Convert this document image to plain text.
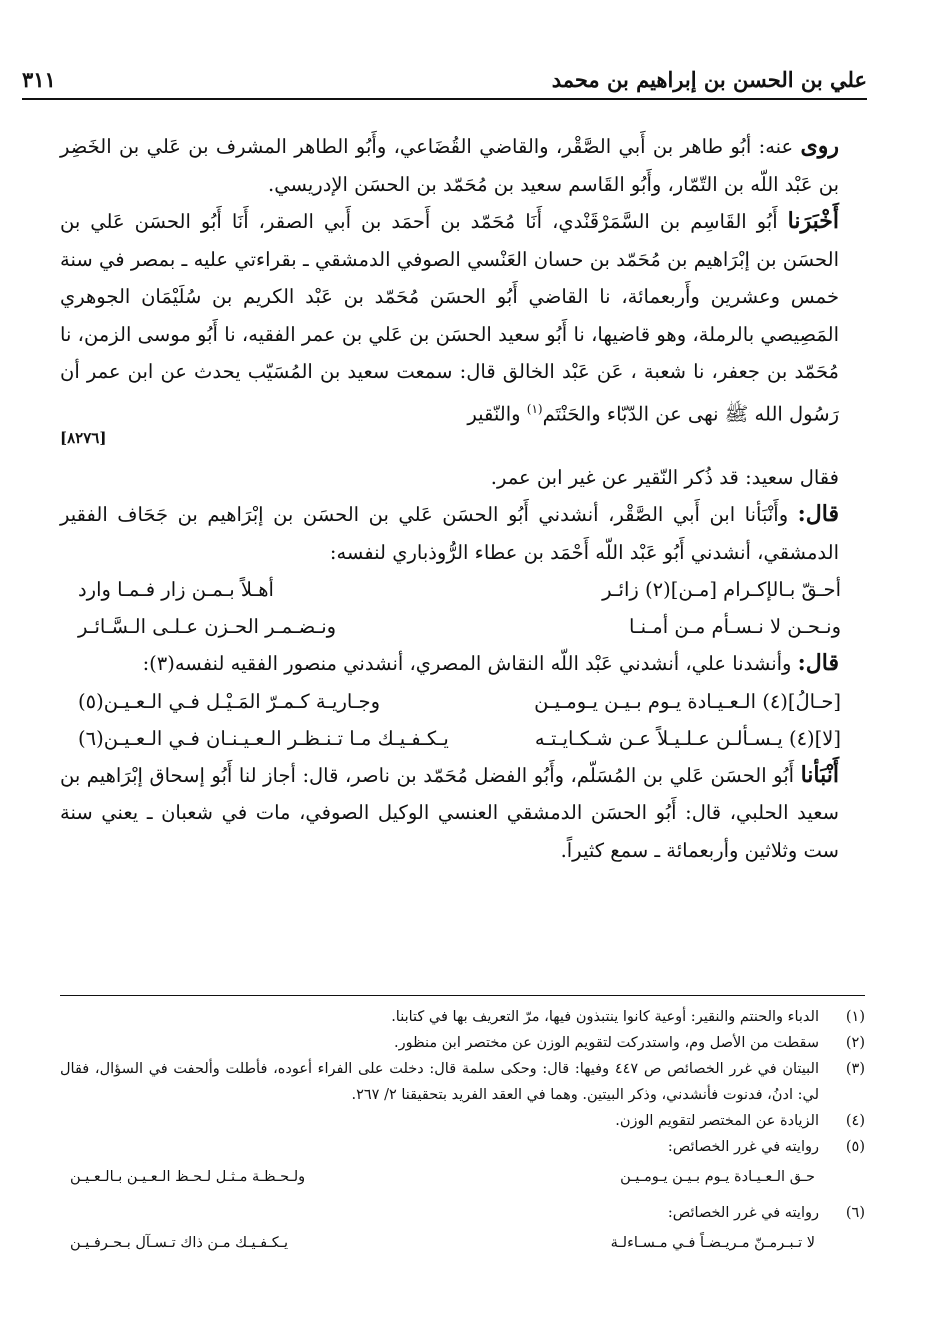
علي بن الحسن بن إبراهيم بن محمد
٣١١

روى عنه: أبُو طاهر بن أَبي الصَّقْر، والقاضي القُضَاعي، وأَبُو الطاهر المشرف بن عَلي بن الخَضِر بن عَبْد اللّه بن التّمّار، وأَبُو القَاسم سعيد بن مُحَمّد بن الحسَن الإدريسي.

أَخْبَرَنا أَبُو القَاسِم بن السَّمَرْقَنْدي، أَنَا مُحَمّد بن أَحمَد بن أَبي الصقر، أَنَا أَبُو الحسَن عَلي بن الحسَن بن إبْرَاهيم بن مُحَمّد بن حسان العَنْسي الصوفي الدمشقي ـ بقراءتي عليه ـ بمصر في سنة خمس وعشرين وأَربعمائة، نا القاضي أَبُو الحسَن مُحَمّد بن عَبْد الكريم بن سُلَيْمَان الجوهري المَصِيصي بالرملة، وهو قاضيها، نا أَبُو سعيد الحسَن بن عَلي بن عمر الفقيه، نا أَبُو موسى الزمن، نا مُحَمّد بن جعفر، نا شعبة ، عَن عَبْد الخالق قال: سمعت سعيد بن المُسَيّب يحدث عن ابن عمر أن رَسُول الله ﷺ نهى عن الدّبّاء والحَنْتَم$^{(١)}$ والنّقير

[٨٢٧٦]

فقال سعيد: قد ذُكر النّقير عن غير ابن عمر.

قال: وأَنْبَأنا ابن أَبي الصَّقْر، أنشدني أَبُو الحسَن عَلي بن الحسَن بن إبْرَاهيم بن جَحَاف الفقير الدمشقي، أنشدني أَبُو عَبْد اللّه أَحْمَد بن عطاء الرُّوذباري لنفسه:

أحـقّ بـالإكـرام [مـن](٢) زائـر
أهـلاً بـمـن زار فـمـا وارد
ونـحـن لا نـسـأم مـن أمـنـا
ونـضـمـر الحـزن عـلـى الـسَّـائـر

قال: وأنشدنا علي، أنشدني عَبْد اللّه النقاش المصري، أنشدني منصور الفقيه لنفسه(٣):

[حـالُ](٤) الـعـيـادة يـوم بـيـن يـومـيـن
وجـاريـة كـمـرّ المَـيْـل فـي الـعـيـن(٥)
[لا](٤) يـسـألـن عـلـيـلاً عـن شـكـايـتـه
يـكـفـيـك مـا تـنـظـر الـعـيـنـان فـي الـعـيـن(٦)

أَنْبَأنا أَبُو الحسَن عَلي بن المُسَلّم، وأَبُو الفضل مُحَمّد بن ناصر، قال: أجاز لنا أَبُو إسحاق إبْرَاهيم بن سعيد الحلبي، قال: أَبُو الحسَن الدمشقي العنسي الوكيل الصوفي، مات في شعبان ـ يعني سنة ست وثلاثين وأربعمائة ـ سمع كثيراً.

(١)
الدباء والحنتم والنقير: أوعية كانوا ينتبذون فيها، مرّ التعريف بها في كتابنا.
(٢)
سقطت من الأصل وم، واستدركت لتقويم الوزن عن مختصر ابن منظور.
(٣)
البيتان في غرر الخصائص ص ٤٤٧ وفيها: قال: وحكى سلمة قال: دخلت على الفراء أعوده، فأطلت وألحفت في السؤال، فقال لي: ادنُ، فدنوت فأنشدني، وذكر البيتين. وهما في العقد الفريد بتحقيقنا ٢/ ٢٦٧.
(٤)
الزيادة عن المختصر لتقويم الوزن.
(٥)
روايته في غرر الخصائص:
حـق الـعـيـادة يـوم بـيـن يـومـيـن
ولـحـظـة مـثـل لـحـظ الـعـيـن بـالـعـيـن
(٦)
روايته في غرر الخصائص:
لا تـبـرمـنّ مـريـضـاً فـي مـسـاءلـة
يـكـفـيـك مـن ذاك تـسـآل بـحـرفـيـن
